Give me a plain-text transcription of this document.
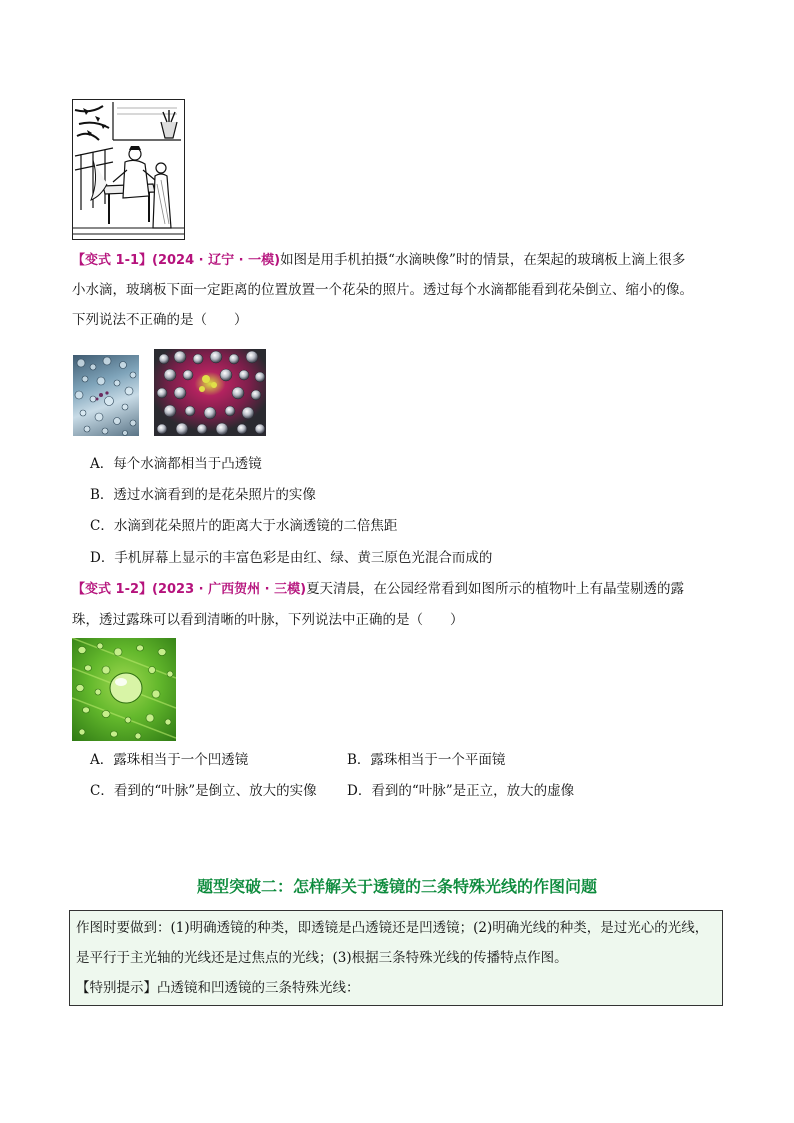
【变式 1-1】(2024 · 辽宁 · 一模)如图是用手机拍摄“水滴映像”时的情景，在架起的玻璃板上滴上很多
小水滴，玻璃板下面一定距离的位置放置一个花朵的照片。透过每个水滴都能看到花朵倒立、缩小的像。
下列说法不正确的是（　　）
A．每个水滴都相当于凸透镜
B．透过水滴看到的是花朵照片的实像
C．水滴到花朵照片的距离大于水滴透镜的二倍焦距
D．手机屏幕上显示的丰富色彩是由红、绿、黄三原色光混合而成的
【变式 1-2】(2023 · 广西贺州 · 三模)夏天清晨，在公园经常看到如图所示的植物叶上有晶莹剔透的露
珠，透过露珠可以看到清晰的叶脉，下列说法中正确的是（　　）
A．露珠相当于一个凹透镜	B．露珠相当于一个平面镜
C．看到的“叶脉”是倒立、放大的实像 D．看到的“叶脉”是正立，放大的虚像
题型突破二：怎样解关于透镜的三条特殊光线的作图问题
作图时要做到：(1)明确透镜的种类，即透镜是凸透镜还是凹透镜；(2)明确光线的种类，是过光心的光线，
是平行于主光轴的光线还是过焦点的光线；(3)根据三条特殊光线的传播特点作图。
【特别提示】凸透镜和凹透镜的三条特殊光线：
